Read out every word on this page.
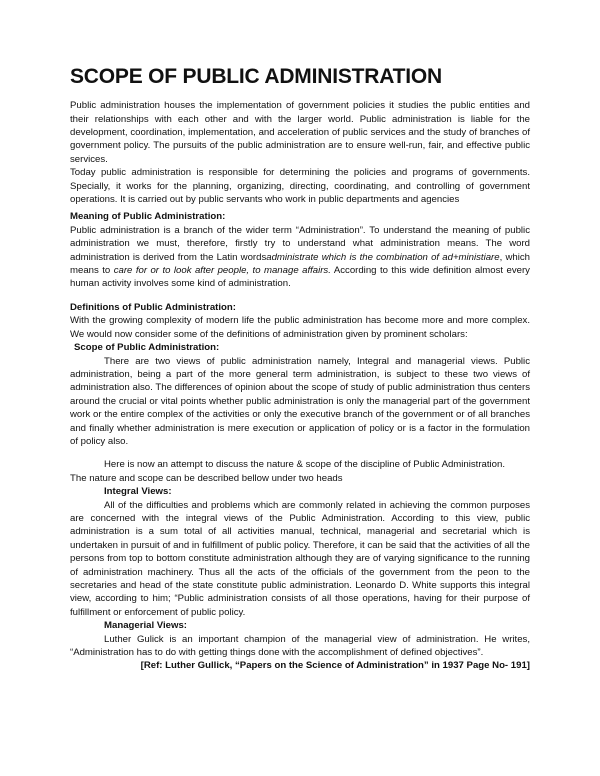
SCOPE OF PUBLIC ADMINISTRATION

Public administration houses the implementation of government policies it studies the public entities and their relationships with each other and with the larger world. Public administration is liable for the development, coordination, implementation, and acceleration of public services and the study of branches of government policy. The pursuits of the public administration are to ensure well-run, fair, and effective public services.

Today public administration is responsible for determining the policies and programs of governments. Specially, it works for the planning, organizing, directing, coordinating, and controlling of government operations. It is carried out by public servants who work in public departments and agencies

Meaning of Public Administration:

Public administration is a branch of the wider term “Administration”. To understand the meaning of public administration we must, therefore, firstly try to understand what administration means. The word administration is derived from the Latin wordsadministrate which is the combination of ad+ministiare, which means to care for or to look after people, to manage affairs. According to this wide definition almost every human activity involves some kind of administration.

Definitions of Public Administration:

With the growing complexity of modern life the public administration has become more and more complex. We would now consider some of the definitions of administration given by prominent scholars:

Scope of Public Administration:

There are two views of public administration namely, Integral and managerial views. Public administration, being a part of the more general term administration, is subject to these two views of administration also. The differences of opinion about the scope of study of public administration thus centers around the crucial or vital points whether public administration is only the managerial part of the government work or the entire complex of the activities or only the executive branch of the government or of all branches and finally whether administration is mere execution or application of policy or is a factor in the formulation of policy also.

Here is now an attempt to discuss the nature & scope of the discipline of Public Administration.

The nature and scope can be described bellow under two heads

Integral Views:

All of the difficulties and problems which are commonly related in achieving the common purposes are concerned with the integral views of the Public Administration. According to this view, public administration is a sum total of all activities manual, technical, managerial and secretarial which is undertaken in pursuit of and in fulfillment of public policy. Therefore, it can be said that the activities of all the persons from top to bottom constitute administration although they are of varying significance to the running of administration machinery. Thus all the acts of the officials of the government from the peon to the secretaries and head of the state constitute public administration. Leonardo D. White supports this integral view, according to him; “Public administration consists of all those operations, having for their purpose of fulfillment or enforcement of public policy.

Managerial Views:

Luther Gulick is an important champion of the managerial view of administration. He writes, “Administration has to do with getting things done with the accomplishment of defined objectives”.

[Ref: Luther Gullick, “Papers on the Science of Administration” in 1937 Page No- 191]
